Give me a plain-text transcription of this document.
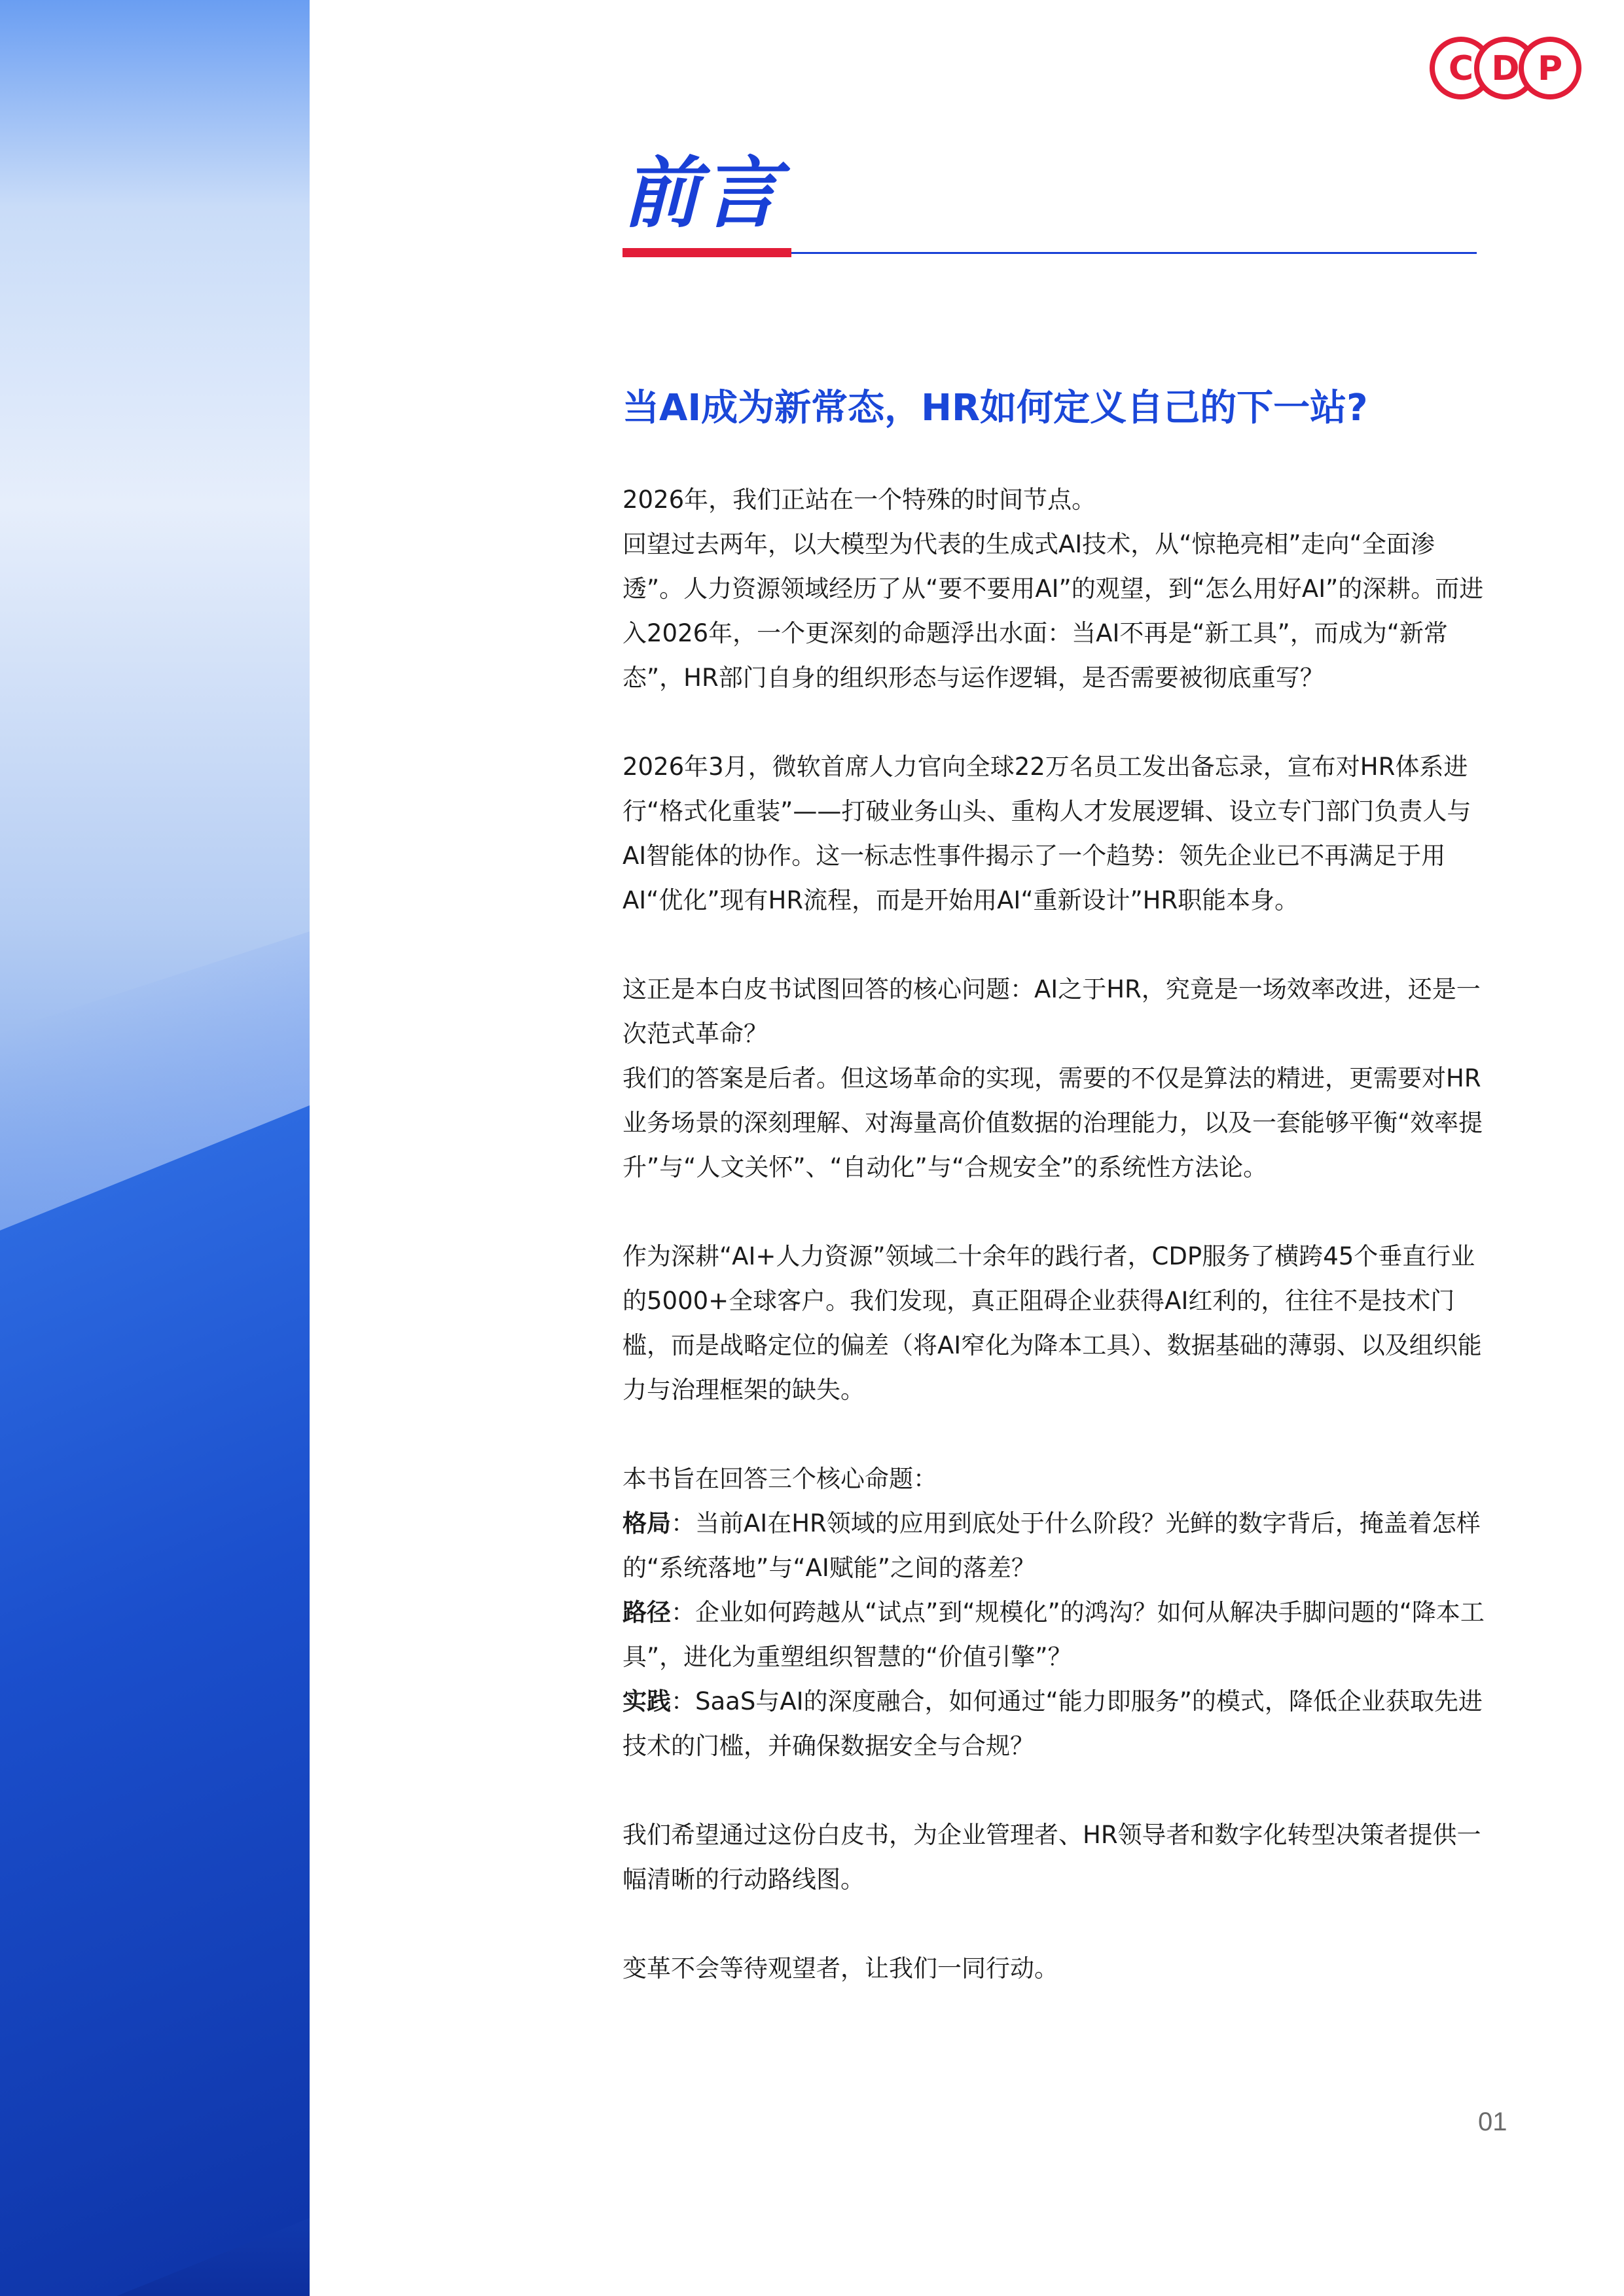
C D P
前言
当AI成为新常态，HR如何定义自己的下一站?

2026年，我们正站在一个特殊的时间节点。

回望过去两年，以大模型为代表的生成式AI技术，从“惊艳亮相”走向“全面渗透”。人力资源领域经历了从“要不要用AI”的观望，到“怎么用好AI”的深耕。而进入2026年，一个更深刻的命题浮出水面：当AI不再是“新工具”，而成为“新常态”，HR部门自身的组织形态与运作逻辑，是否需要被彻底重写？

2026年3月，微软首席人力官向全球22万名员工发出备忘录，宣布对HR体系进行“格式化重装”——打破业务山头、重构人才发展逻辑、设立专门部门负责人与AI智能体的协作。这一标志性事件揭示了一个趋势：领先企业已不再满足于用AI“优化”现有HR流程，而是开始用AI“重新设计”HR职能本身。

这正是本白皮书试图回答的核心问题：AI之于HR，究竟是一场效率改进，还是一次范式革命？

我们的答案是后者。但这场革命的实现，需要的不仅是算法的精进，更需要对HR业务场景的深刻理解、对海量高价值数据的治理能力，以及一套能够平衡“效率提升”与“人文关怀”、“自动化”与“合规安全”的系统性方法论。

作为深耕“AI+人力资源”领域二十余年的践行者，CDP服务了横跨45个垂直行业的5000+全球客户。我们发现，真正阻碍企业获得AI红利的，往往不是技术门槛，而是战略定位的偏差（将AI窄化为降本工具）、数据基础的薄弱、以及组织能力与治理框架的缺失。

本书旨在回答三个核心命题：

格局：当前AI在HR领域的应用到底处于什么阶段？光鲜的数字背后，掩盖着怎样的“系统落地”与“AI赋能”之间的落差？

路径：企业如何跨越从“试点”到“规模化”的鸿沟？如何从解决手脚问题的“降本工具”，进化为重塑组织智慧的“价值引擎”？

实践：SaaS与AI的深度融合，如何通过“能力即服务”的模式，降低企业获取先进技术的门槛，并确保数据安全与合规？

我们希望通过这份白皮书，为企业管理者、HR领导者和数字化转型决策者提供一幅清晰的行动路线图。

变革不会等待观望者，让我们一同行动。

01
